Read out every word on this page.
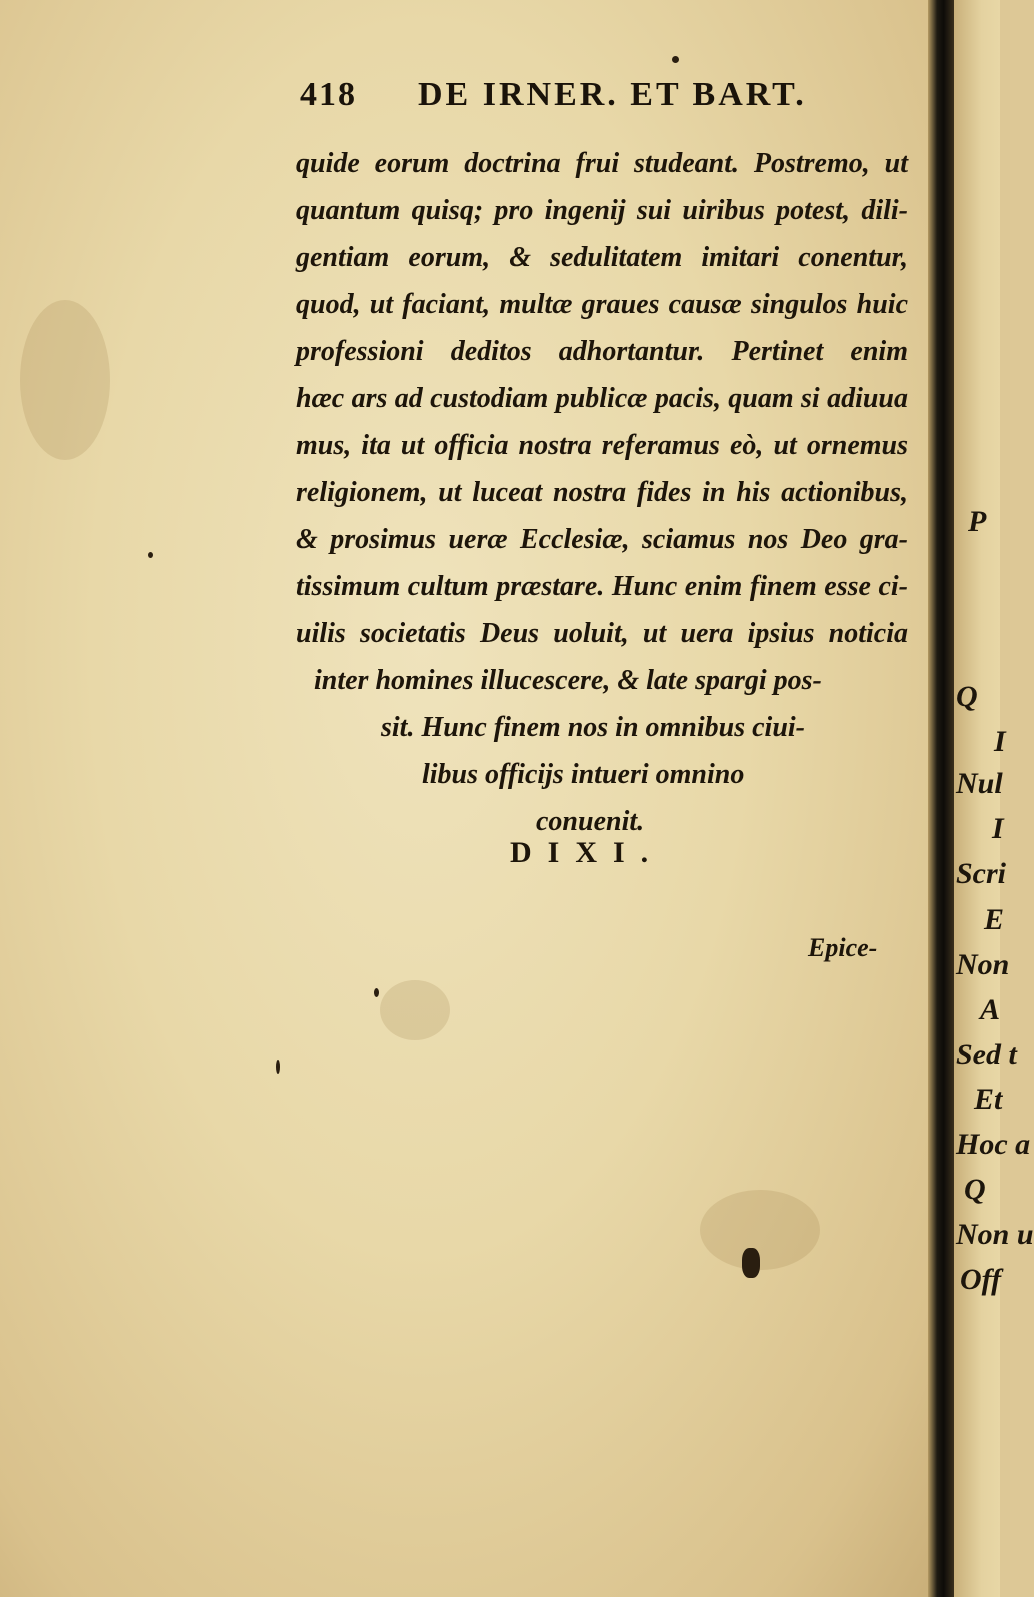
418 DE IRNER. ET BART.
quide eorum doctrina frui studeant. Postremo, ut
quantum quisq; pro ingenij sui uiribus potest, dili-
gentiam eorum, & sedulitatem imitari conentur,
quod, ut faciant, multæ graues causæ singulos huic
professioni deditos adhortantur. Pertinet enim
hæc ars ad custodiam publicæ pacis, quam si adiuua
mus, ita ut officia nostra referamus eò, ut ornemus
religionem, ut luceat nostra fides in his actionibus,
& prosimus ueræ Ecclesiæ, sciamus nos Deo gra-
tissimum cultum præstare. Hunc enim finem esse ci-
uilis societatis Deus uoluit, ut uera ipsius noticia
inter homines illucescere, & late spargi pos-
sit. Hunc finem nos in omnibus ciui-
libus officijs intueri omnino
conuenit.
DIXI.
Epice-
P
Q
I
Nul
I
Scri
E
Non
A
Sed t
Et
Hoc a
Q
Non u
Off
